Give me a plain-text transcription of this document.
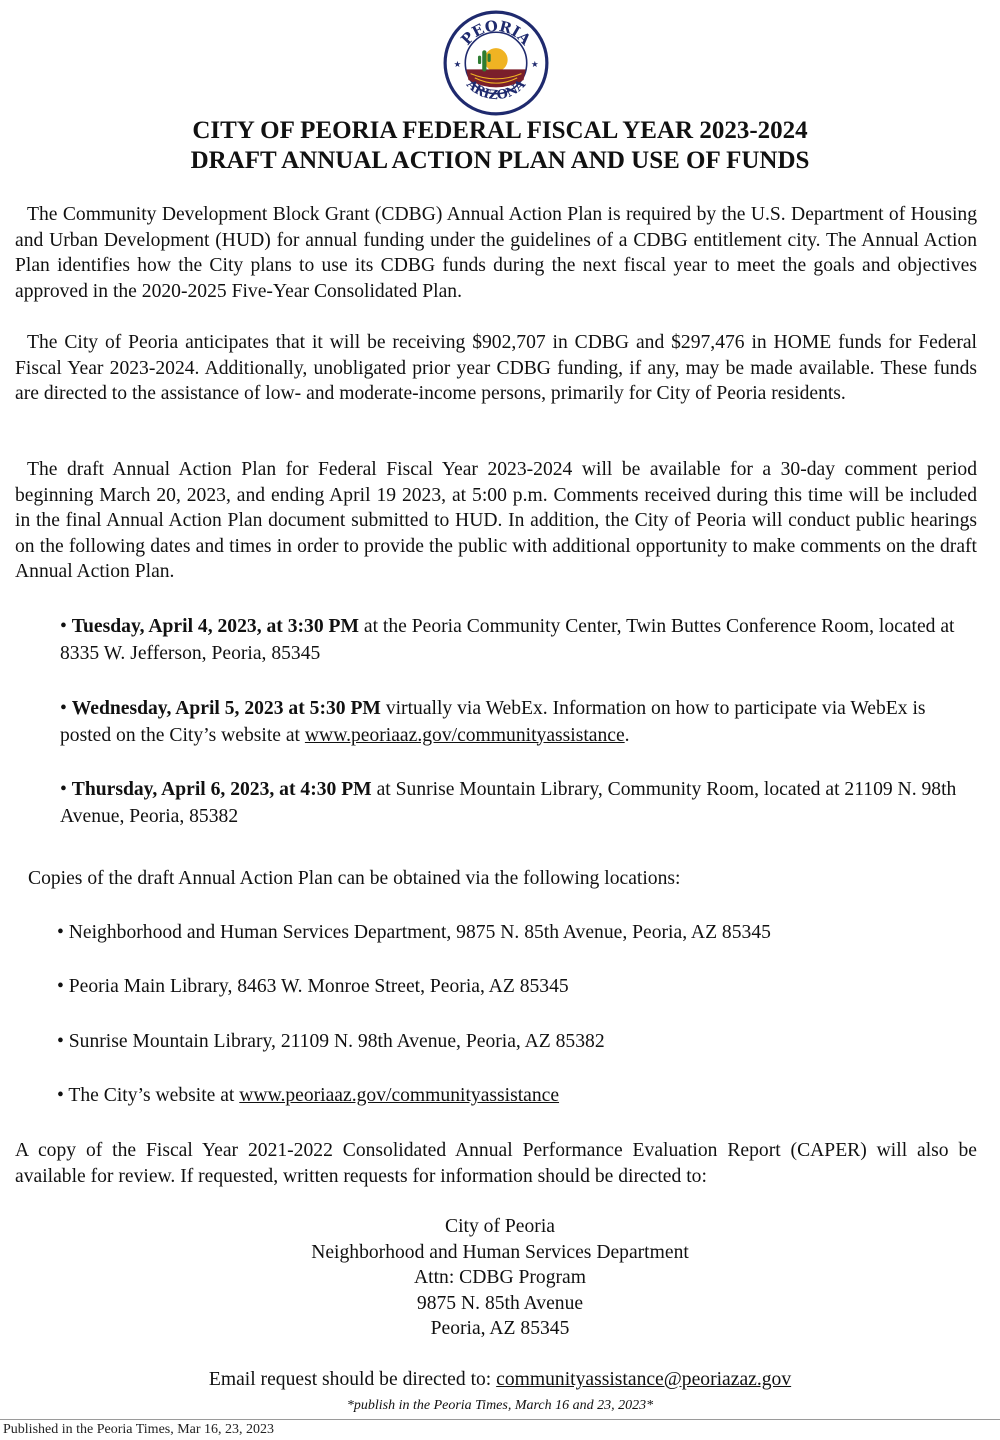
PEORIA
ARIZONA
★	★
CITY OF PEORIA FEDERAL FISCAL YEAR 2023-2024
DRAFT ANNUAL ACTION PLAN AND USE OF FUNDS
The Community Development Block Grant (CDBG) Annual Action Plan is required by the U.S. Department of Housing and Urban Development (HUD) for annual funding under the guidelines of a CDBG entitlement city. The Annual Action Plan identifies how the City plans to use its CDBG funds during the next fiscal year to meet the goals and objectives approved in the 2020-2025 Five-Year Consolidated Plan.
The City of Peoria anticipates that it will be receiving $902,707 in CDBG and $297,476 in HOME funds for Federal Fiscal Year 2023-2024. Additionally, unobligated prior year CDBG funding, if any, may be made available. These funds are directed to the assistance of low- and moderate-income persons, primarily for City of Peoria residents.
The draft Annual Action Plan for Federal Fiscal Year 2023-2024 will be available for a 30-day comment period beginning March 20, 2023, and ending April 19 2023, at 5:00 p.m. Comments received during this time will be included in the final Annual Action Plan document submitted to HUD. In addition, the City of Peoria will conduct public hearings on the following dates and times in order to provide the public with additional opportunity to make comments on the draft Annual Action Plan.
• Tuesday, April 4, 2023, at 3:30 PM at the Peoria Community Center, Twin Buttes Conference Room, located at 8335 W. Jefferson, Peoria, 85345
• Wednesday, April 5, 2023 at 5:30 PM virtually via WebEx. Information on how to participate via WebEx is posted on the City’s website at www.peoriaaz.gov/communityassistance.
• Thursday, April 6, 2023, at 4:30 PM at Sunrise Mountain Library, Community Room, located at 21109 N. 98th Avenue, Peoria, 85382
Copies of the draft Annual Action Plan can be obtained via the following locations:
• Neighborhood and Human Services Department, 9875 N. 85th Avenue, Peoria, AZ 85345
• Peoria Main Library, 8463 W. Monroe Street, Peoria, AZ 85345
• Sunrise Mountain Library, 21109 N. 98th Avenue, Peoria, AZ 85382
• The City’s website at www.peoriaaz.gov/communityassistance
A copy of the Fiscal Year 2021-2022 Consolidated Annual Performance Evaluation Report (CAPER) will also be available for review. If requested, written requests for information should be directed to:
City of Peoria
Neighborhood and Human Services Department
Attn: CDBG Program
9875 N. 85th Avenue
Peoria, AZ 85345
Email request should be directed to: communityassistance@peoriazaz.gov
*publish in the Peoria Times, March 16 and 23, 2023*
Published in the Peoria Times, Mar 16, 23, 2023
